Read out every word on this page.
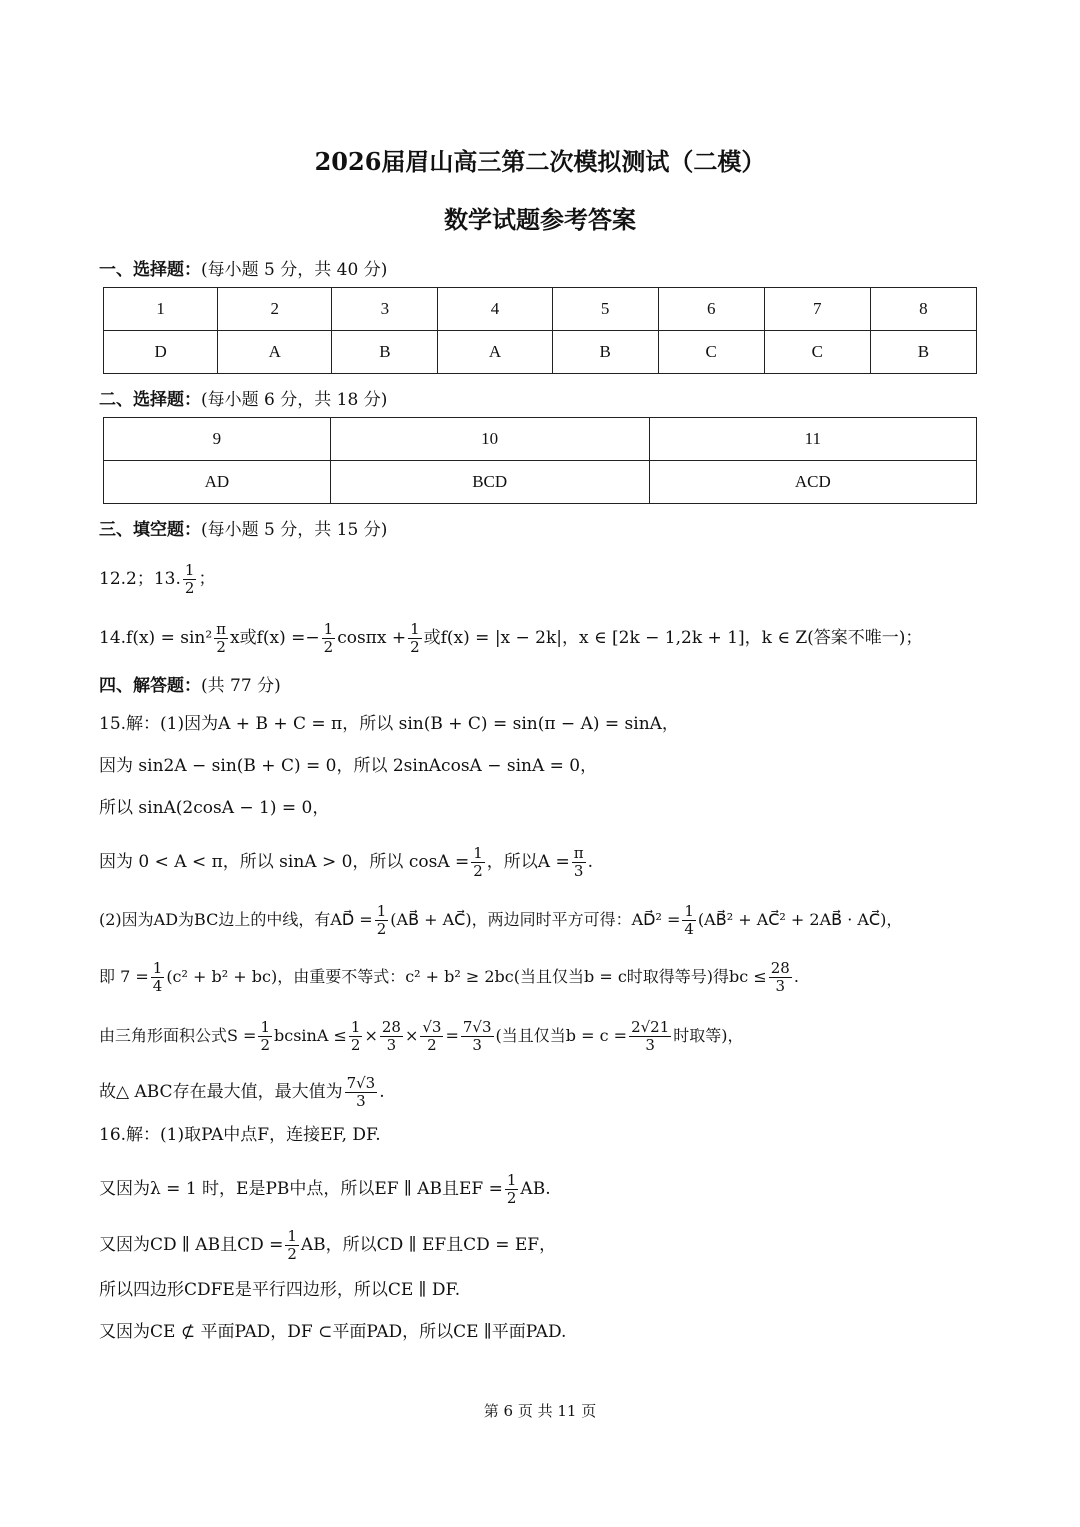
2026届眉山高三第二次模拟测试（二模）
数学试题参考答案
一、选择题：(每小题 5 分，共 40 分)
1	2	3	4	5	6	7	8
D	A	B	A	B	C	C	B
二、选择题：(每小题 6 分，共 18 分)
9	10	11
AD	BCD	ACD
三、填空题：(每小题 5 分，共 15 分)
12.2；13. $\frac{1}{2}$ ；
$14.f(x) = \sin^2 \frac{\pi}{2}$ x或$f(x) =- \frac{1}{2}$ $\cos\pi x + \frac{1}{2}$ 或f(x) = |x − 2k|，x ∈ [2k − 1,2k + 1]，k ∈ Z(答案不唯一)；
四、解答题：(共 77 分)
15.解：(1)因为A + B + C = π，所以 sin(B + C) = sin(π − A) = sinA，
因为 sin2A − sin(B + C) = 0，所以 2sinAcosA − sinA = 0，
所以 sinA(2cosA − 1) = 0，
因为 0 < A < π，所以 sinA > 0，所以 $\cos A = \frac{1}{2}$ ，所以$A = \frac{\pi}{3}$ .
(2)因为AD为BC边上的中线，有AD⃗ = $\frac{1}{2}$ (AB⃗ + AC⃗)，两边同时平方可得：AD⃗² = $\frac{1}{4}$ (AB⃗² + AC⃗² + 2AB⃗ · AC⃗)，
即 $7 = \frac{1}{4} (c^2 + b^2 + bc)$，由重要不等式：c² + b² ≥ 2bc(当且仅当b = c时取得等号)得bc ≤ $\frac{28}{3}$ .
由三角形面积公式$S = \frac{1}{2}$ $bcsinA \le \frac{1}{2} \times \frac{28}{3} \times \frac{√3}{2} = \frac{7√3}{3}$ (当且仅当$b = c = \frac{2√21}{3}$ 时取等)，
故△ ABC存在最大值，最大值为 $\frac{7√3}{3}$ .
16.解：(1)取PA中点F，连接EF, DF.
又因为λ = 1 时，E是PB中点，所以EF ∥ AB且EF = $\frac{1}{2}$ AB.
又因为CD ∥ AB且CD = $\frac{1}{2}$ AB，所以CD ∥ EF且CD = EF，
所以四边形CDFE是平行四边形，所以CE ∥ DF.
又因为CE ⊄ 平面PAD，DF ⊂平面PAD，所以CE ∥平面PAD.
第 6 页 共 11 页
